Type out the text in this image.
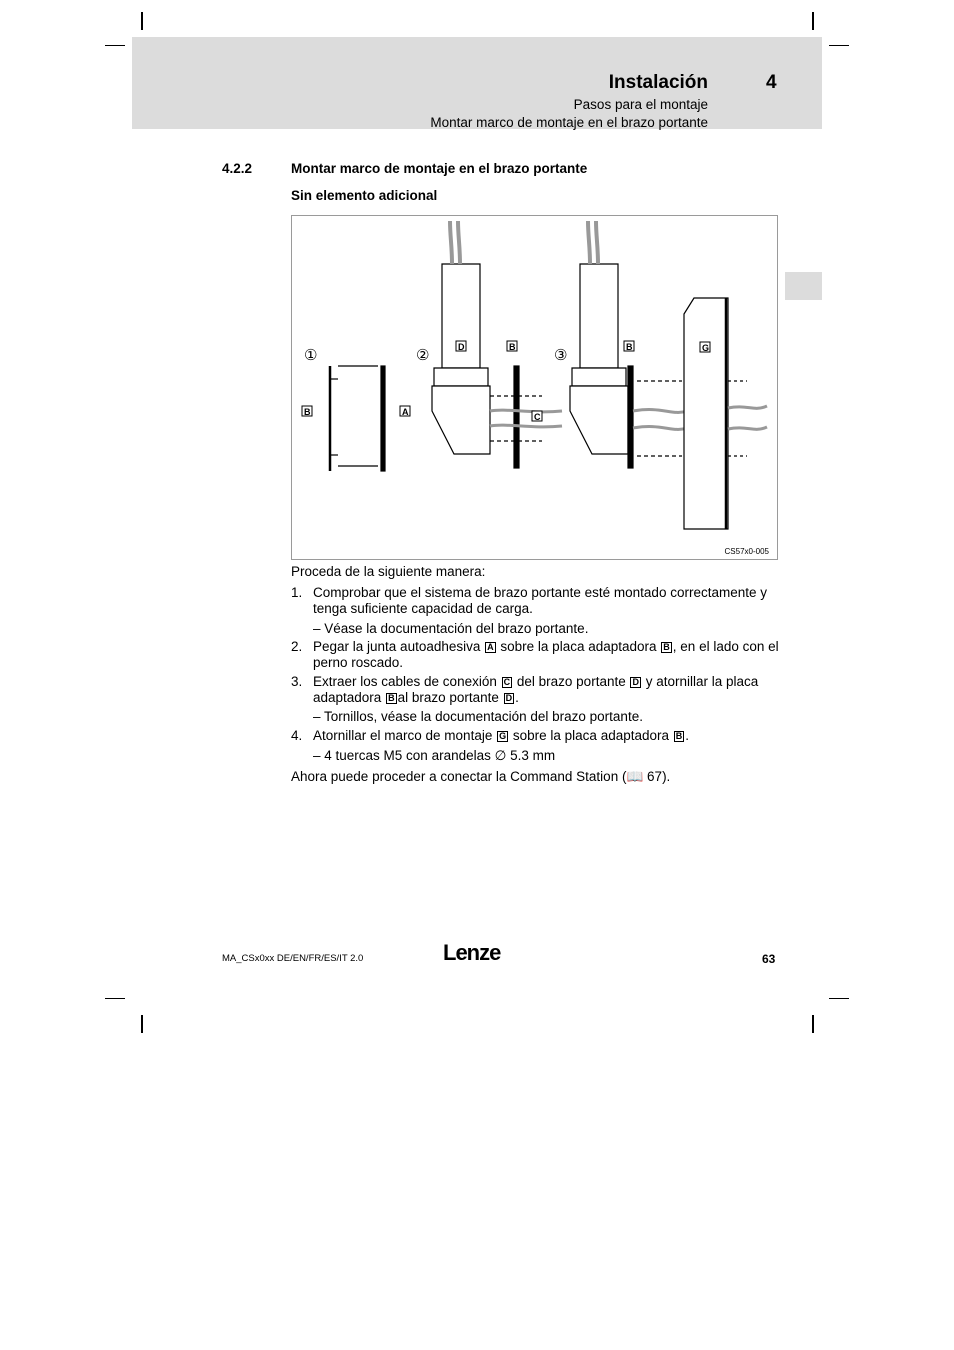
Instalación	4
Pasos para el montaje
Montar marco de montaje en el brazo portante
4.2.2	Montar marco de montaje en el brazo portante
Sin elemento adicional
①	②	③
B	A
D	B
C
B	G
CS57x0-005
Proceda de la siguiente manera:
1. Comprobar que el sistema de brazo portante esté montado correctamente y tenga suficiente capacidad de carga.
– Véase la documentación del brazo portante.
2. Pegar la junta autoadhesiva A sobre la placa adaptadora B , en el lado con el perno roscado.
3. Extraer los cables de conexión C del brazo portante D y atornillar la placa adaptadora B al brazo portante D .
– Tornillos, véase la documentación del brazo portante.
4. Atornillar el marco de montaje G sobre la placa adaptadora B .
– 4 tuercas M5 con arandelas ∅ 5.3 mm
Ahora puede proceder a conectar la Command Station (📖 67).
MA_CSx0xx DE/EN/FR/ES/IT 2.0	Lenze	63
